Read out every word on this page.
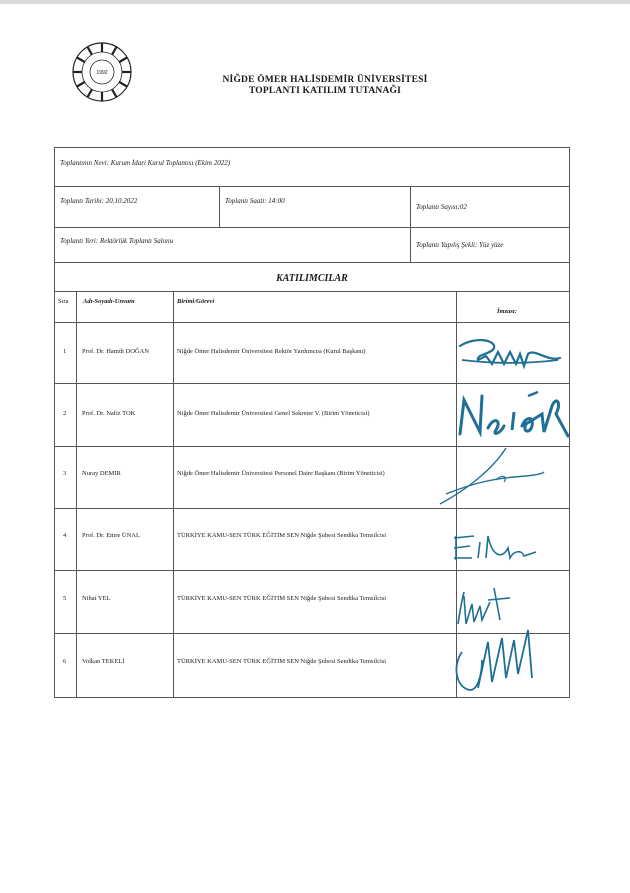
1992
NİĞDE ÖMER HALİSDEMİR ÜNİVERSİTESİ
TOPLANTI KATILIM TUTANAĞI
Toplantının Nevi: Kurum İdari Kurul Toplantısı (Ekim 2022)
Toplantı Tarihi: 20.10.2022	Toplantı Saati: 14:00
Toplantı Sayısı:02
Toplantı Yeri: Rektörlük Toplantı Salonu	Toplantı Yapılış Şekli: Yüz yüze
KATILIMCILAR
Sıra Adı-Soyadı-Unvanı	Birimi/Görevi
İmzası:
1 Prof. Dr. Hamdi DOĞAN	Niğde Ömer Halisdemir Üniversitesi Rektör Yardımcısı (Kurul Başkanı)
2 Prof. Dr. Nafiz TOK	Niğde Ömer Halisdemir Üniversitesi Genel Sekreter V. (Birim Yöneticisi)
3 Nuray DEMİR	Niğde Ömer Halisdemir Üniversitesi Personel Daire Başkanı (Birim Yöneticisi)
4 Prof. Dr. Emre ÜNAL	TÜRKİYE KAMU-SEN TÜRK EĞİTİM SEN Niğde Şubesi Sendika Temsilcisi
5 Nihat YEL	TÜRKİYE KAMU-SEN TÜRK EĞİTİM SEN Niğde Şubesi Sendika Temsilcisi
6 Volkan TEKELİ	TÜRKİYE KAMU-SEN TÜRK EĞİTİM SEN Niğde Şubesi Sendika Temsilcisi
